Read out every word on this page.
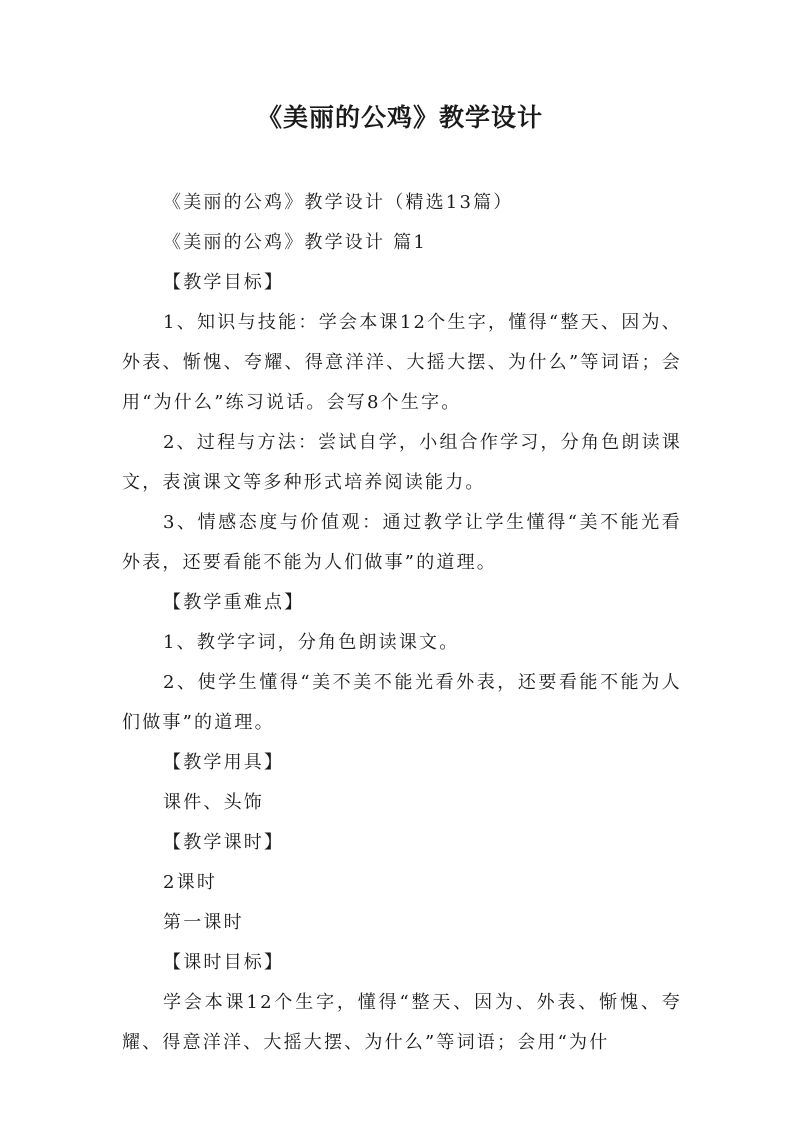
《美丽的公鸡》教学设计

《美丽的公鸡》教学设计（精选13篇）

《美丽的公鸡》教学设计 篇1

【教学目标】

1、知识与技能：学会本课12个生字，懂得“整天、因为、外表、惭愧、夸耀、得意洋洋、大摇大摆、为什么”等词语；会用“为什么”练习说话。会写8个生字。

2、过程与方法：尝试自学，小组合作学习，分角色朗读课文，表演课文等多种形式培养阅读能力。

3、情感态度与价值观：通过教学让学生懂得“美不能光看外表，还要看能不能为人们做事”的道理。

【教学重难点】

1、教学字词，分角色朗读课文。

2、使学生懂得“美不美不能光看外表，还要看能不能为人们做事”的道理。

【教学用具】

课件、头饰

【教学课时】

2课时

第一课时

【课时目标】

学会本课12个生字，懂得“整天、因为、外表、惭愧、夸耀、得意洋洋、大摇大摆、为什么”等词语；会用“为什
